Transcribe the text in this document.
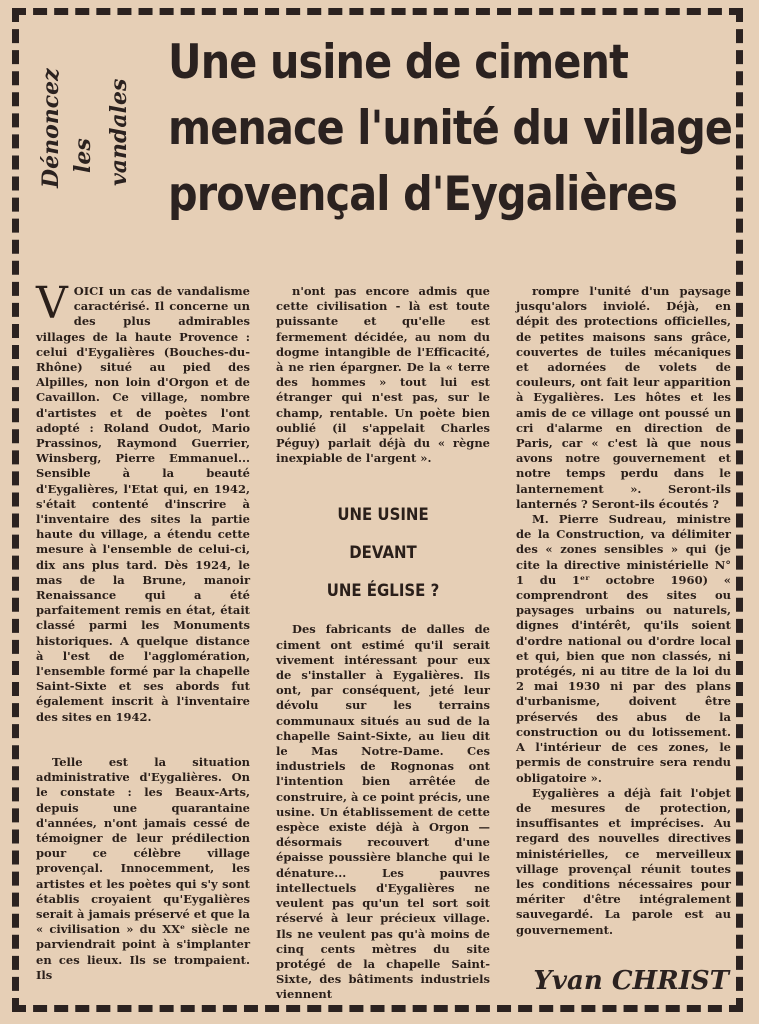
Dénoncez les vandales
Une usine de ciment
menace l'unité du village
provençal d'Eygalières

VOICI un cas de vandalisme caractérisé. Il concerne un des plus admirables villages de la haute Provence : celui d'Eygalières (Bouches-du-Rhône) situé au pied des Alpilles, non loin d'Orgon et de Cavaillon. Ce village, nombre d'artistes et de poètes l'ont adopté : Roland Oudot, Mario Prassinos, Raymond Guerrier, Winsberg, Pierre Emmanuel... Sensible à la beauté d'Eygalières, l'Etat qui, en 1942, s'était contenté d'inscrire à l'inventaire des sites la partie haute du village, a étendu cette mesure à l'ensemble de celui-ci, dix ans plus tard. Dès 1924, le mas de la Brune, manoir Renaissance qui a été parfaitement remis en état, était classé parmi les Monuments historiques. A quelque distance à l'est de l'agglomération, l'ensemble formé par la chapelle Saint-Sixte et ses abords fut également inscrit à l'inventaire des sites en 1942.

Telle est la situation administrative d'Eygalières. On le constate : les Beaux-Arts, depuis une quarantaine d'années, n'ont jamais cessé de témoigner de leur prédilection pour ce célèbre village provençal. Innocemment, les artistes et les poètes qui s'y sont établis croyaient qu'Eygalières serait à jamais préservé et que la « civilisation » du XXᵉ siècle ne parviendrait point à s'implanter en ces lieux. Ils se trompaient. Ils

n'ont pas encore admis que cette civilisation - là est toute puissante et qu'elle est fermement décidée, au nom du dogme intangible de l'Efficacité, à ne rien épargner. De la « terre des hommes » tout lui est étranger qui n'est pas, sur le champ, rentable. Un poète bien oublié (il s'appelait Charles Péguy) parlait déjà du « règne inexpiable de l'argent ».

UNE USINE
DEVANT
UNE ÉGLISE ?

Des fabricants de dalles de ciment ont estimé qu'il serait vivement intéressant pour eux de s'installer à Eygalières. Ils ont, par conséquent, jeté leur dévolu sur les terrains communaux situés au sud de la chapelle Saint-Sixte, au lieu dit le Mas Notre-Dame. Ces industriels de Rognonas ont l'intention bien arrêtée de construire, à ce point précis, une usine. Un établissement de cette espèce existe déjà à Orgon — désormais recouvert d'une épaisse poussière blanche qui le dénature... Les pauvres intellectuels d'Eygalières ne veulent pas qu'un tel sort soit réservé à leur précieux village. Ils ne veulent pas qu'à moins de cinq cents mètres du site protégé de la chapelle Saint-Sixte, des bâtiments industriels viennent

rompre l'unité d'un paysage jusqu'alors inviolé. Déjà, en dépit des protections officielles, de petites maisons sans grâce, couvertes de tuiles mécaniques et adornées de volets de couleurs, ont fait leur apparition à Eygalières. Les hôtes et les amis de ce village ont poussé un cri d'alarme en direction de Paris, car « c'est là que nous avons notre gouvernement et notre temps perdu dans le lanternement ». Seront-ils lanternés ? Seront-ils écoutés ?

M. Pierre Sudreau, ministre de la Construction, va délimiter des « zones sensibles » qui (je cite la directive ministérielle N° 1 du 1ᵉʳ octobre 1960) « comprendront des sites ou paysages urbains ou naturels, dignes d'intérêt, qu'ils soient d'ordre national ou d'ordre local et qui, bien que non classés, ni protégés, ni au titre de la loi du 2 mai 1930 ni par des plans d'urbanisme, doivent être préservés des abus de la construction ou du lotissement. A l'intérieur de ces zones, le permis de construire sera rendu obligatoire ».

Eygalières a déjà fait l'objet de mesures de protection, insuffisantes et imprécises. Au regard des nouvelles directives ministérielles, ce merveilleux village provençal réunit toutes les conditions nécessaires pour mériter d'être intégralement sauvegardé. La parole est au gouvernement.

Yvan CHRIST
